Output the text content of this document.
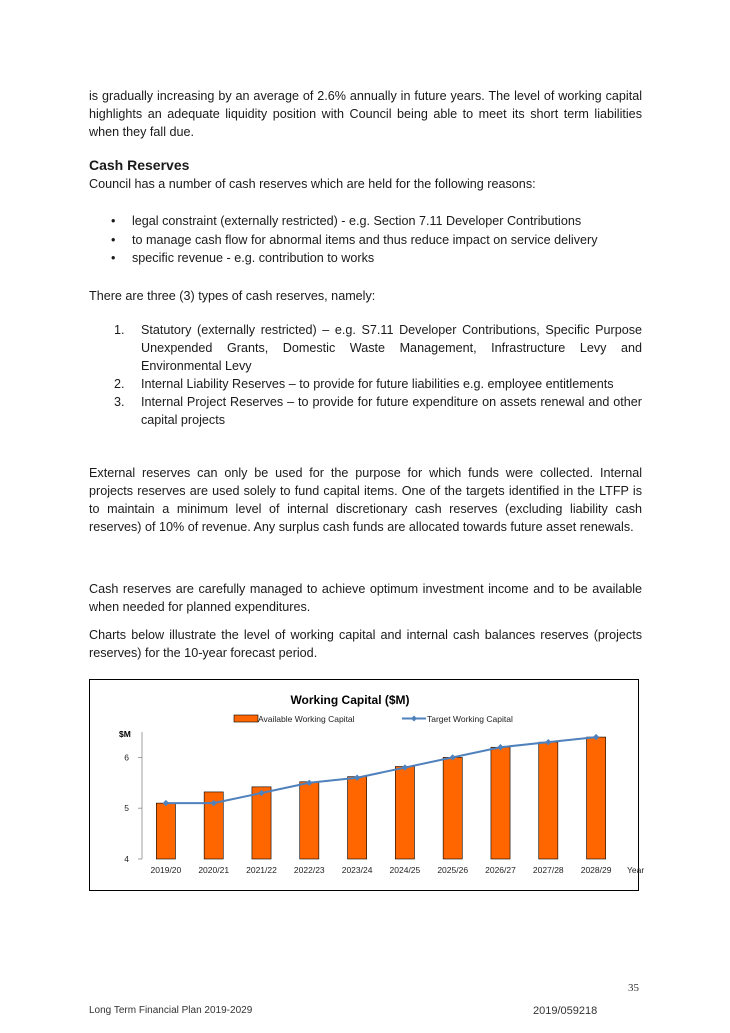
is gradually increasing by an average of 2.6% annually in future years. The level of working capital highlights an adequate liquidity position with Council being able to meet its short term liabilities when they fall due.

Cash Reserves

Council has a number of cash reserves which are held for the following reasons:

• legal constraint (externally restricted) - e.g. Section 7.11 Developer Contributions
• to manage cash flow for abnormal items and thus reduce impact on service delivery
• specific revenue - e.g. contribution to works

There are three (3) types of cash reserves, namely:

1. Statutory (externally restricted) – e.g. S7.11 Developer Contributions, Specific Purpose Unexpended Grants, Domestic Waste Management, Infrastructure Levy and Environmental Levy
2. Internal Liability Reserves – to provide for future liabilities e.g. employee entitlements
3. Internal Project Reserves – to provide for future expenditure on assets renewal and other capital projects

External reserves can only be used for the purpose for which funds were collected. Internal projects reserves are used solely to fund capital items. One of the targets identified in the LTFP is to maintain a minimum level of internal discretionary cash reserves (excluding liability cash reserves) of 10% of revenue. Any surplus cash funds are allocated towards future asset renewals.

Cash reserves are carefully managed to achieve optimum investment income and to be available when needed for planned expenditures.

Charts below illustrate the level of working capital and internal cash balances reserves (projects reserves) for the 10-year forecast period.

Working Capital ($M)
Available Working Capital	Target Working Capital
$M
Year
4
5
6
2019/20 2020/21 2021/22 2022/23 2023/24 2024/25 2025/26 2026/27 2027/28 2028/29
35
Long Term Financial Plan 2019-2029	2019/059218
